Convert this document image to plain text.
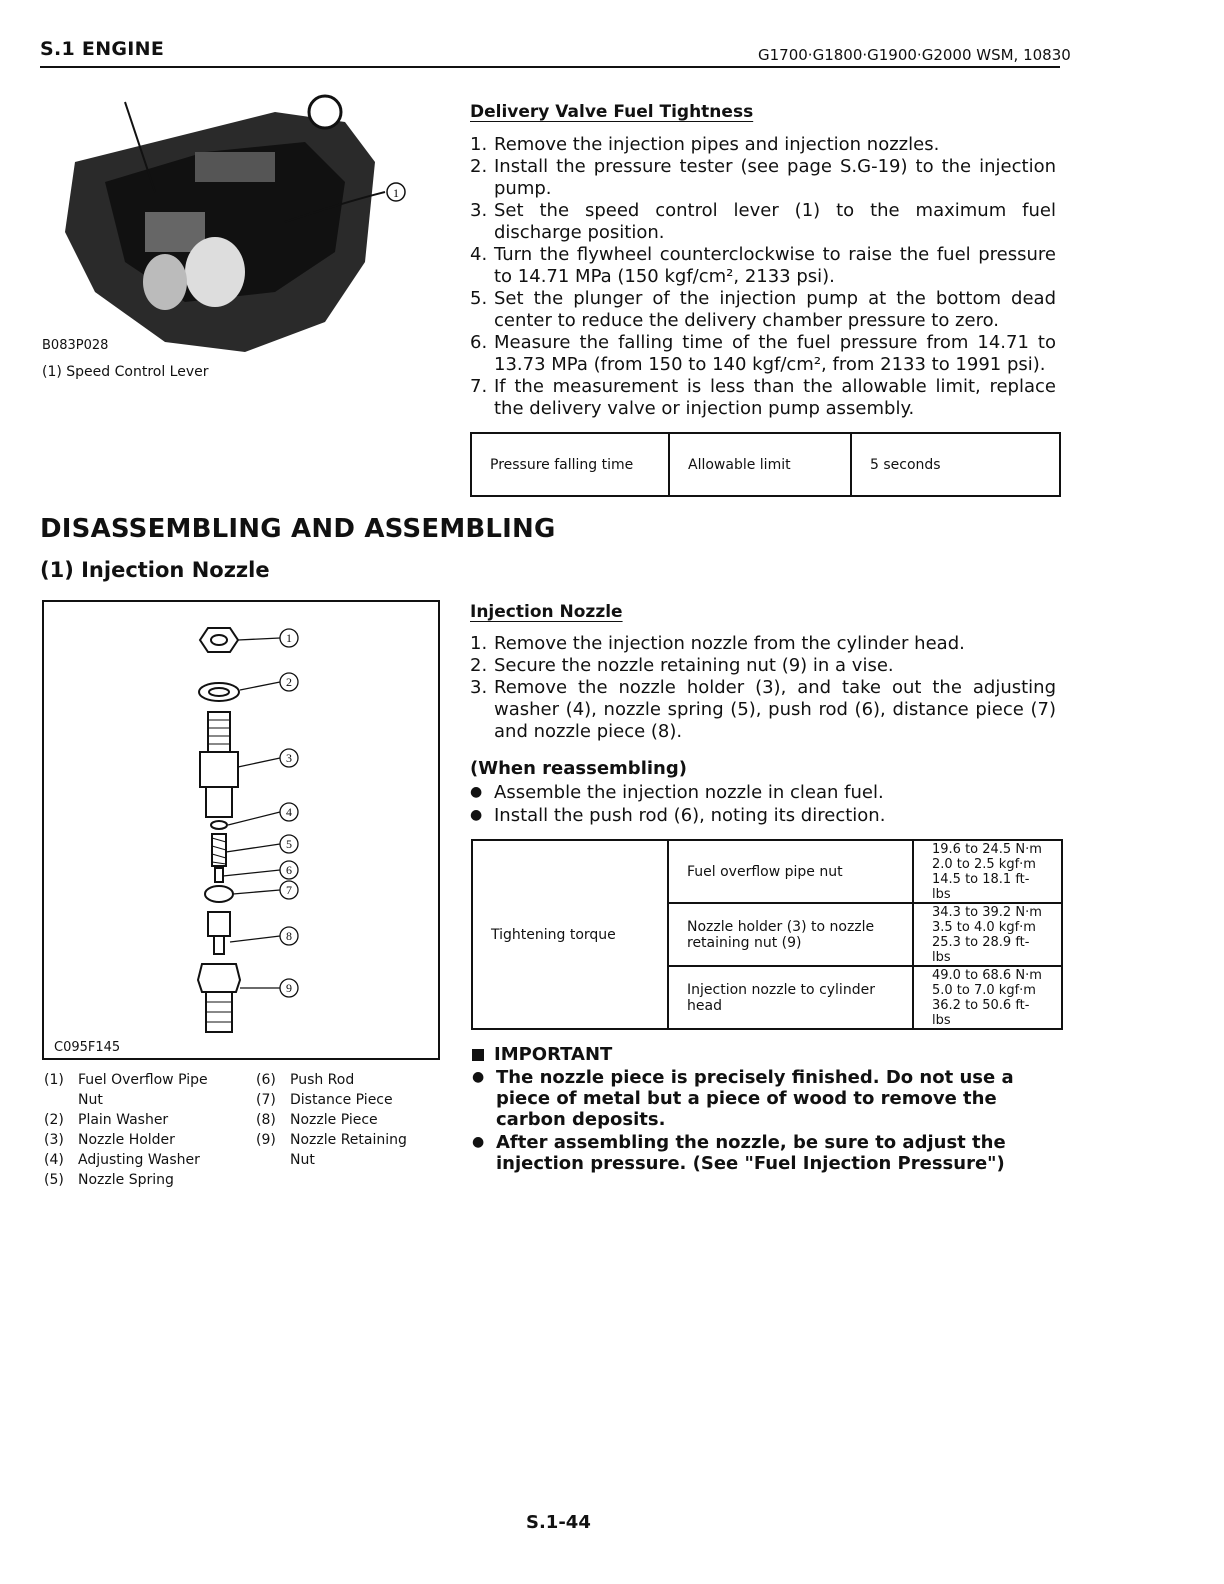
S.1 ENGINE	G1700·G1800·G1900·G2000 WSM, 10830
1
B083P028
(1) Speed Control Lever
Delivery Valve Fuel Tightness
1. Remove the injection pipes and injection nozzles.
2. Install the pressure tester (see page S.G-19) to the injection pump.
3. Set the speed control lever (1) to the maximum fuel discharge position.
4. Turn the flywheel counterclockwise to raise the fuel pressure to 14.71 MPa (150 kgf/cm², 2133 psi).
5. Set the plunger of the injection pump at the bottom dead center to reduce the delivery chamber pressure to zero.
6. Measure the falling time of the fuel pressure from 14.71 to 13.73 MPa (from 150 to 140 kgf/cm², from 2133 to 1991 psi).
7. If the measurement is less than the allowable limit, replace the delivery valve or injection pump assembly.
Pressure falling time	Allowable limit	5 seconds
DISASSEMBLING AND ASSEMBLING
(1) Injection Nozzle
1
2
3
4
5
6
7
8
9
C095F145
(1)	Fuel Overflow Pipe
Nut
(2)	Plain Washer
(3)	Nozzle Holder
(4)	Adjusting Washer
(5)	Nozzle Spring
(6)	Push Rod
(7)	Distance Piece
(8)	Nozzle Piece
(9)	Nozzle Retaining
Nut
Injection Nozzle
1. Remove the injection nozzle from the cylinder head.
2. Secure the nozzle retaining nut (9) in a vise.
3. Remove the nozzle holder (3), and take out the adjusting washer (4), nozzle spring (5), push rod (6), distance piece (7) and nozzle piece (8).
(When reassembling)
● Assemble the injection nozzle in clean fuel.
● Install the push rod (6), noting its direction.
Tightening torque	Fuel overflow pipe nut	19.6 to 24.5 N·m
2.0 to 2.5 kgf·m
14.5 to 18.1 ft-lbs

	Nozzle holder (3) to nozzle retaining nut (9)	34.3 to 39.2 N·m
3.5 to 4.0 kgf·m
25.3 to 28.9 ft-lbs

	Injection nozzle to cylinder head	49.0 to 68.6 N·m
5.0 to 7.0 kgf·m
36.2 to 50.6 ft-lbs
IMPORTANT
● The nozzle piece is precisely finished. Do not use a piece of metal but a piece of wood to remove the carbon deposits.
● After assembling the nozzle, be sure to adjust the injection pressure. (See "Fuel Injection Pressure")
S.1-44
